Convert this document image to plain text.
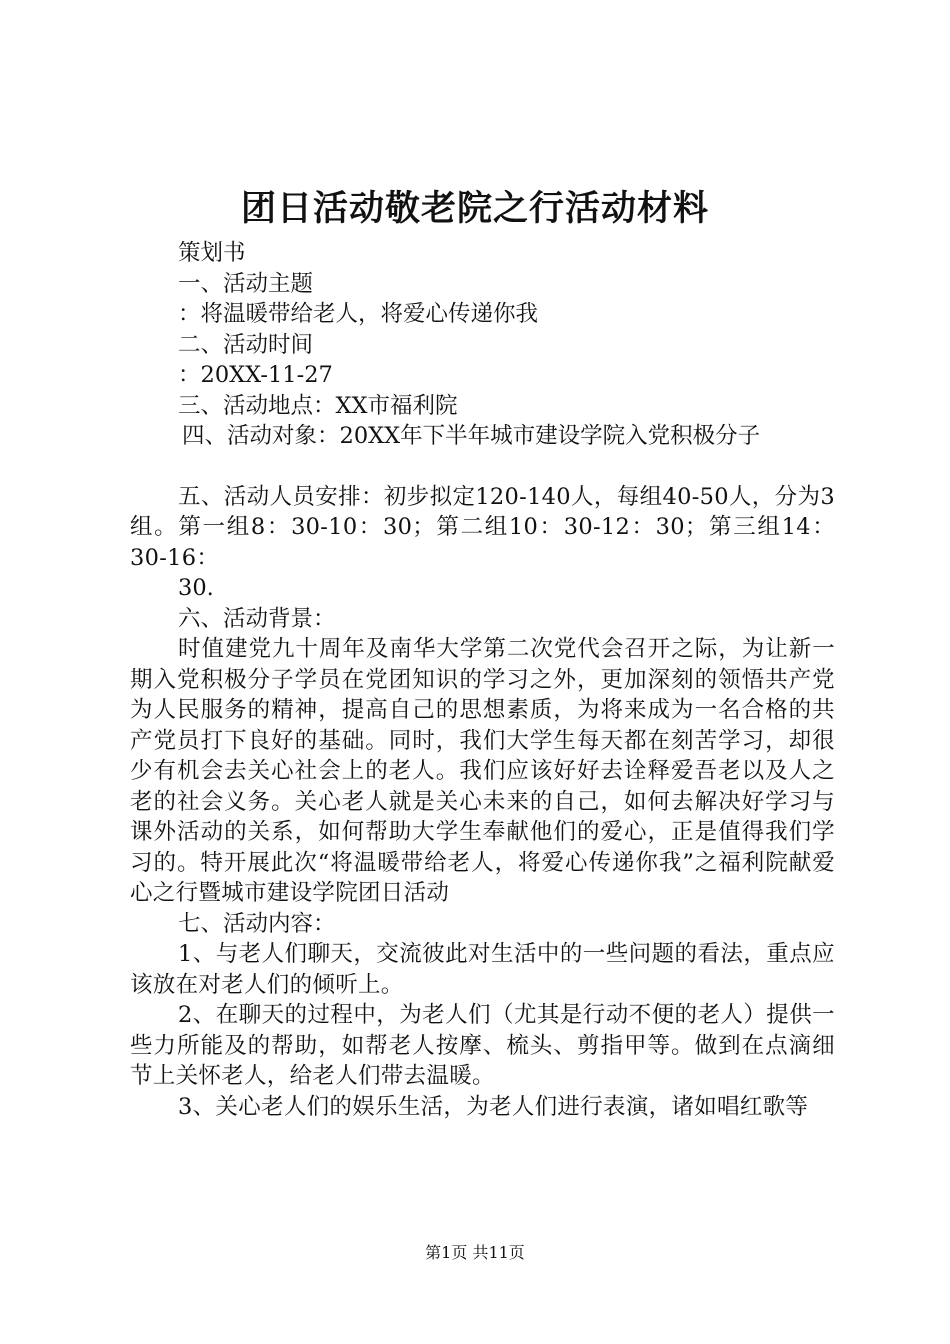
团日活动敬老院之行活动材料
策划书
一、活动主题
：将温暖带给老人，将爱心传递你我
二、活动时间
：20XX-11-27
三、活动地点：XX市福利院
四、活动对象：20XX年下半年城市建设学院入党积极分子
五、活动人员安排：初步拟定120-140人，每组40-50人，分为3组。第一组8：30-10：30；第二组10：30-12：30；第三组14：30-16：
30.
六、活动背景：
时值建党九十周年及南华大学第二次党代会召开之际，为让新一期入党积极分子学员在党团知识的学习之外，更加深刻的领悟共产党为人民服务的精神，提高自己的思想素质，为将来成为一名合格的共产党员打下良好的基础。同时，我们大学生每天都在刻苦学习，却很少有机会去关心社会上的老人。我们应该好好去诠释爱吾老以及人之老的社会义务。关心老人就是关心未来的自己，如何去解决好学习与课外活动的关系，如何帮助大学生奉献他们的爱心，正是值得我们学习的。特开展此次“将温暖带给老人，将爱心传递你我”之福利院献爱心之行暨城市建设学院团日活动
七、活动内容：
1、与老人们聊天，交流彼此对生活中的一些问题的看法，重点应该放在对老人们的倾听上。
2、在聊天的过程中，为老人们（尤其是行动不便的老人）提供一些力所能及的帮助，如帮老人按摩、梳头、剪指甲等。做到在点滴细节上关怀老人，给老人们带去温暖。
3、关心老人们的娱乐生活，为老人们进行表演，诸如唱红歌等
第1页 共11页
